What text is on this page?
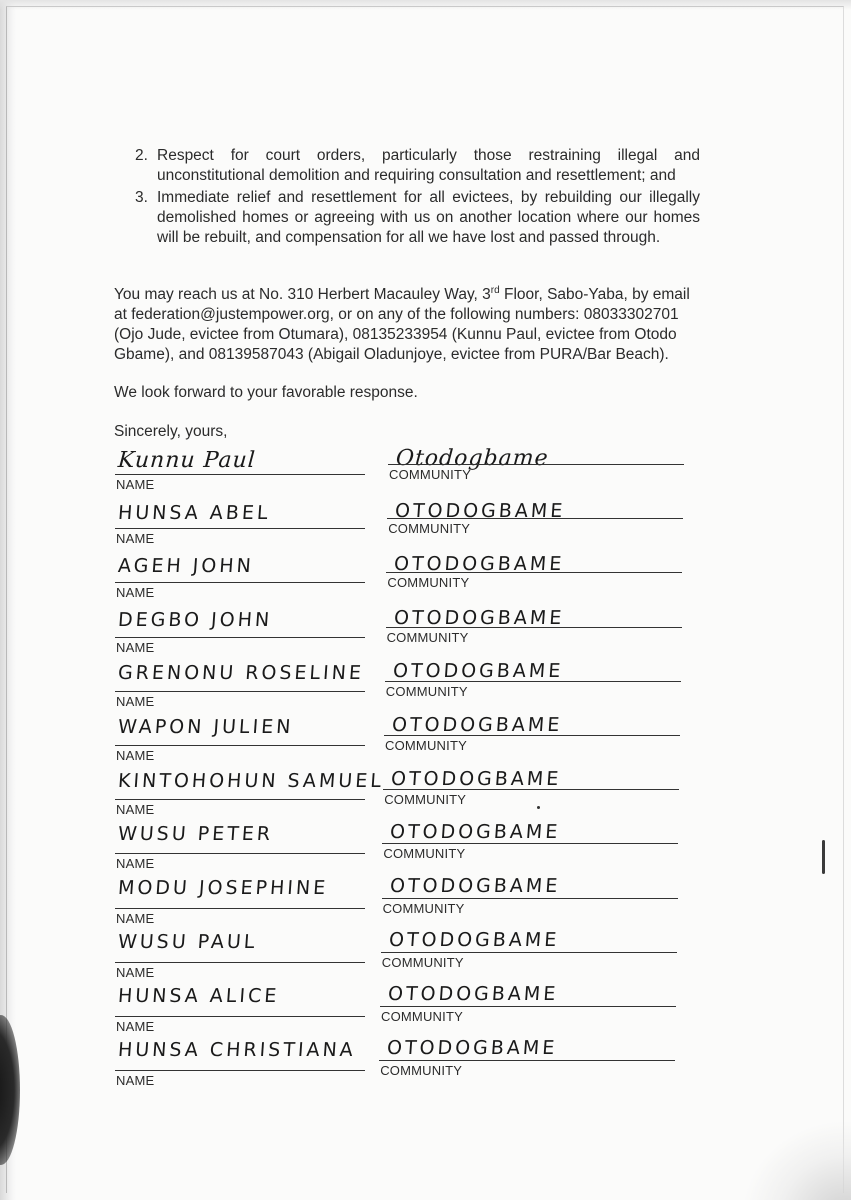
2. Respect for court orders, particularly those restraining illegal and unconstitutional demolition and requiring consultation and resettlement; and
3. Immediate relief and resettlement for all evictees, by rebuilding our illegally demolished homes or agreeing with us on another location where our homes will be rebuilt, and compensation for all we have lost and passed through.

You may reach us at No. 310 Herbert Macauley Way, 3rd Floor, Sabo-Yaba, by email at federation@justempower.org, or on any of the following numbers: 08033302701 (Ojo Jude, evictee from Otumara), 08135233954 (Kunnu Paul, evictee from Otodo Gbame), and 08139587043 (Abigail Oladunjoye, evictee from PURA/Bar Beach).

We look forward to your favorable response.

Sincerely, yours,

Kunnu Paul
NAME
Otodogbame
COMMUNITY
HUNSA ABEL
NAME
OTODOGBAME
COMMUNITY
AGEH JOHN
NAME
OTODOGBAME
COMMUNITY
DEGBO JOHN
NAME
OTODOGBAME
COMMUNITY
GRENONU ROSELINE
NAME
OTODOGBAME
COMMUNITY
WAPON JULIEN
NAME
OTODOGBAME
COMMUNITY
KINTOHOHUN SAMUEL
NAME
OTODOGBAME
COMMUNITY
WUSU PETER
NAME
OTODOGBAME
COMMUNITY
MODU JOSEPHINE
NAME
OTODOGBAME
COMMUNITY
WUSU PAUL
NAME
OTODOGBAME
COMMUNITY
HUNSA ALICE
NAME
OTODOGBAME
COMMUNITY
HUNSA CHRISTIANA
NAME
OTODOGBAME
COMMUNITY
